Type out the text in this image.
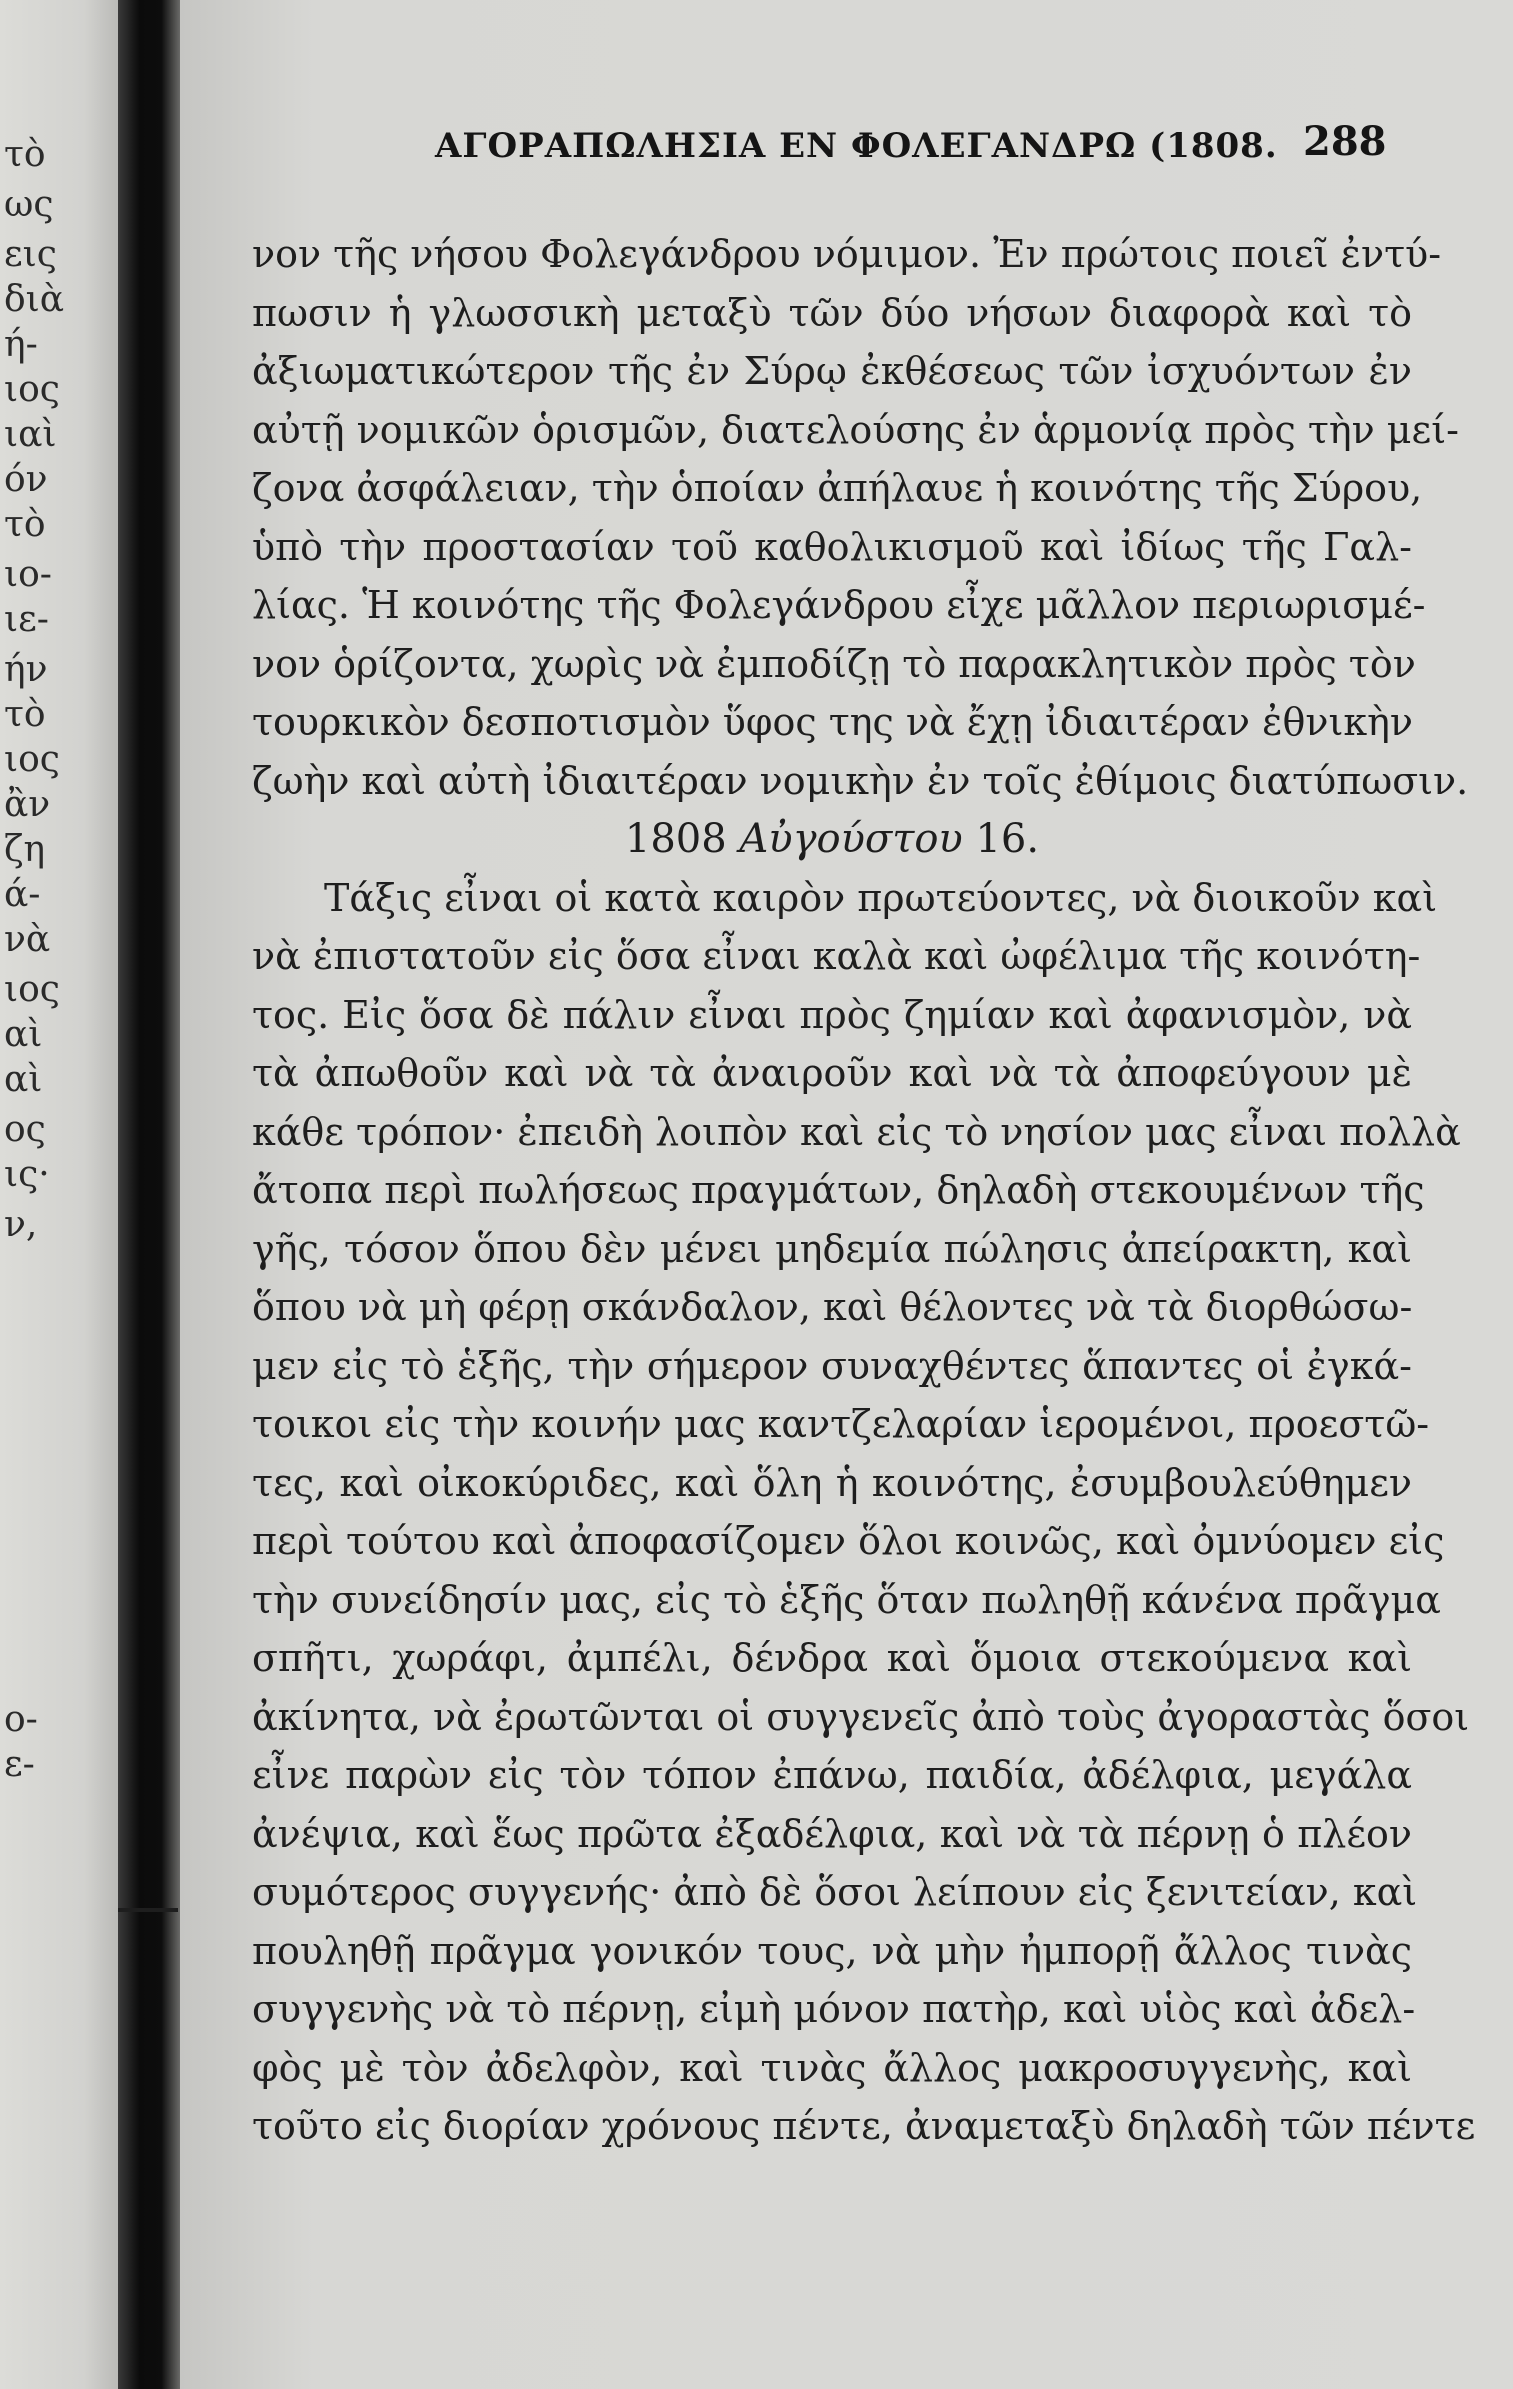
τὸ
ως
εις
διὰ
ή-
ιος
ιαὶ
όν
τὸ
ιο-
ιε-
ήν
τὸ
ιος
ἂν
ζη
ά-
νὰ
ιος
αὶ
αὶ
ος
ις·
ν,
ο-
ε-
ΑΓΟΡΑΠΩΛΗΣΙΑ ΕΝ ΦΟΛΕΓΑΝΔΡΩ (1808. 288
νον τῆς νήσου Φολεγάνδρου νόμιμον. Ἐν πρώτοις ποιεῖ ἐντύ-
πωσιν ἡ γλωσσικὴ μεταξὺ τῶν δύο νήσων διαφορὰ καὶ τὸ
ἀξιωματικώτερον τῆς ἐν Σύρῳ ἐκθέσεως τῶν ἰσχυόντων ἐν
αὐτῇ νομικῶν ὁρισμῶν, διατελούσης ἐν ἁρμονίᾳ πρὸς τὴν μεί-
ζονα ἀσφάλειαν, τὴν ὁποίαν ἀπήλαυε ἡ κοινότης τῆς Σύρου,
ὑπὸ τὴν προστασίαν τοῦ καθολικισμοῦ καὶ ἰδίως τῆς Γαλ-
λίας. Ἡ κοινότης τῆς Φολεγάνδρου εἶχε μᾶλλον περιωρισμέ-
νον ὁρίζοντα, χωρὶς νὰ ἐμποδίζῃ τὸ παρακλητικὸν πρὸς τὸν
τουρκικὸν δεσποτισμὸν ὕφος της νὰ ἔχῃ ἰδιαιτέραν ἐθνικὴν
ζωὴν καὶ αὐτὴ ἰδιαιτέραν νομικὴν ἐν τοῖς ἐθίμοις διατύπωσιν.
1808 Αὐγούστου 16.
Τάξις εἶναι οἱ κατὰ καιρὸν πρωτεύοντες, νὰ διοικοῦν καὶ
νὰ ἐπιστατοῦν εἰς ὅσα εἶναι καλὰ καὶ ὠφέλιμα τῆς κοινότη-
τος. Εἰς ὅσα δὲ πάλιν εἶναι πρὸς ζημίαν καὶ ἀφανισμὸν, νὰ
τὰ ἀπωθοῦν καὶ νὰ τὰ ἀναιροῦν καὶ νὰ τὰ ἀποφεύγουν μὲ
κάθε τρόπον· ἐπειδὴ λοιπὸν καὶ εἰς τὸ νησίον μας εἶναι πολλὰ
ἄτοπα περὶ πωλήσεως πραγμάτων, δηλαδὴ στεκουμένων τῆς
γῆς, τόσον ὅπου δὲν μένει μηδεμία πώλησις ἀπείρακτη, καὶ
ὅπου νὰ μὴ φέρῃ σκάνδαλον, καὶ θέλοντες νὰ τὰ διορθώσω-
μεν εἰς τὸ ἑξῆς, τὴν σήμερον συναχθέντες ἅπαντες οἱ ἐγκά-
τοικοι εἰς τὴν κοινήν μας καντζελαρίαν ἱερομένοι, προεστῶ-
τες, καὶ οἰκοκύριδες, καὶ ὅλη ἡ κοινότης, ἐσυμβουλεύθημεν
περὶ τούτου καὶ ἀποφασίζομεν ὅλοι κοινῶς, καὶ ὀμνύομεν εἰς
τὴν συνείδησίν μας, εἰς τὸ ἑξῆς ὅταν πωληθῇ κάνένα πρᾶγμα
σπῆτι, χωράφι, ἀμπέλι, δένδρα καὶ ὅμοια στεκούμενα καὶ
ἀκίνητα, νὰ ἐρωτῶνται οἱ συγγενεῖς ἀπὸ τοὺς ἀγοραστὰς ὅσοι
εἶνε παρὼν εἰς τὸν τόπον ἐπάνω, παιδία, ἀδέλφια, μεγάλα
ἀνέψια, καὶ ἕως πρῶτα ἐξαδέλφια, καὶ νὰ τὰ πέρνῃ ὁ πλέον
συμότερος συγγενής· ἀπὸ δὲ ὅσοι λείπουν εἰς ξενιτείαν, καὶ
πουληθῇ πρᾶγμα γονικόν τους, νὰ μὴν ἠμπορῇ ἄλλος τινὰς
συγγενὴς νὰ τὸ πέρνῃ, εἰμὴ μόνον πατὴρ, καὶ υἱὸς καὶ ἀδελ-
φὸς μὲ τὸν ἀδελφὸν, καὶ τινὰς ἄλλος μακροσυγγενὴς, καὶ
τοῦτο εἰς διορίαν χρόνους πέντε, ἀναμεταξὺ δηλαδὴ τῶν πέντε
